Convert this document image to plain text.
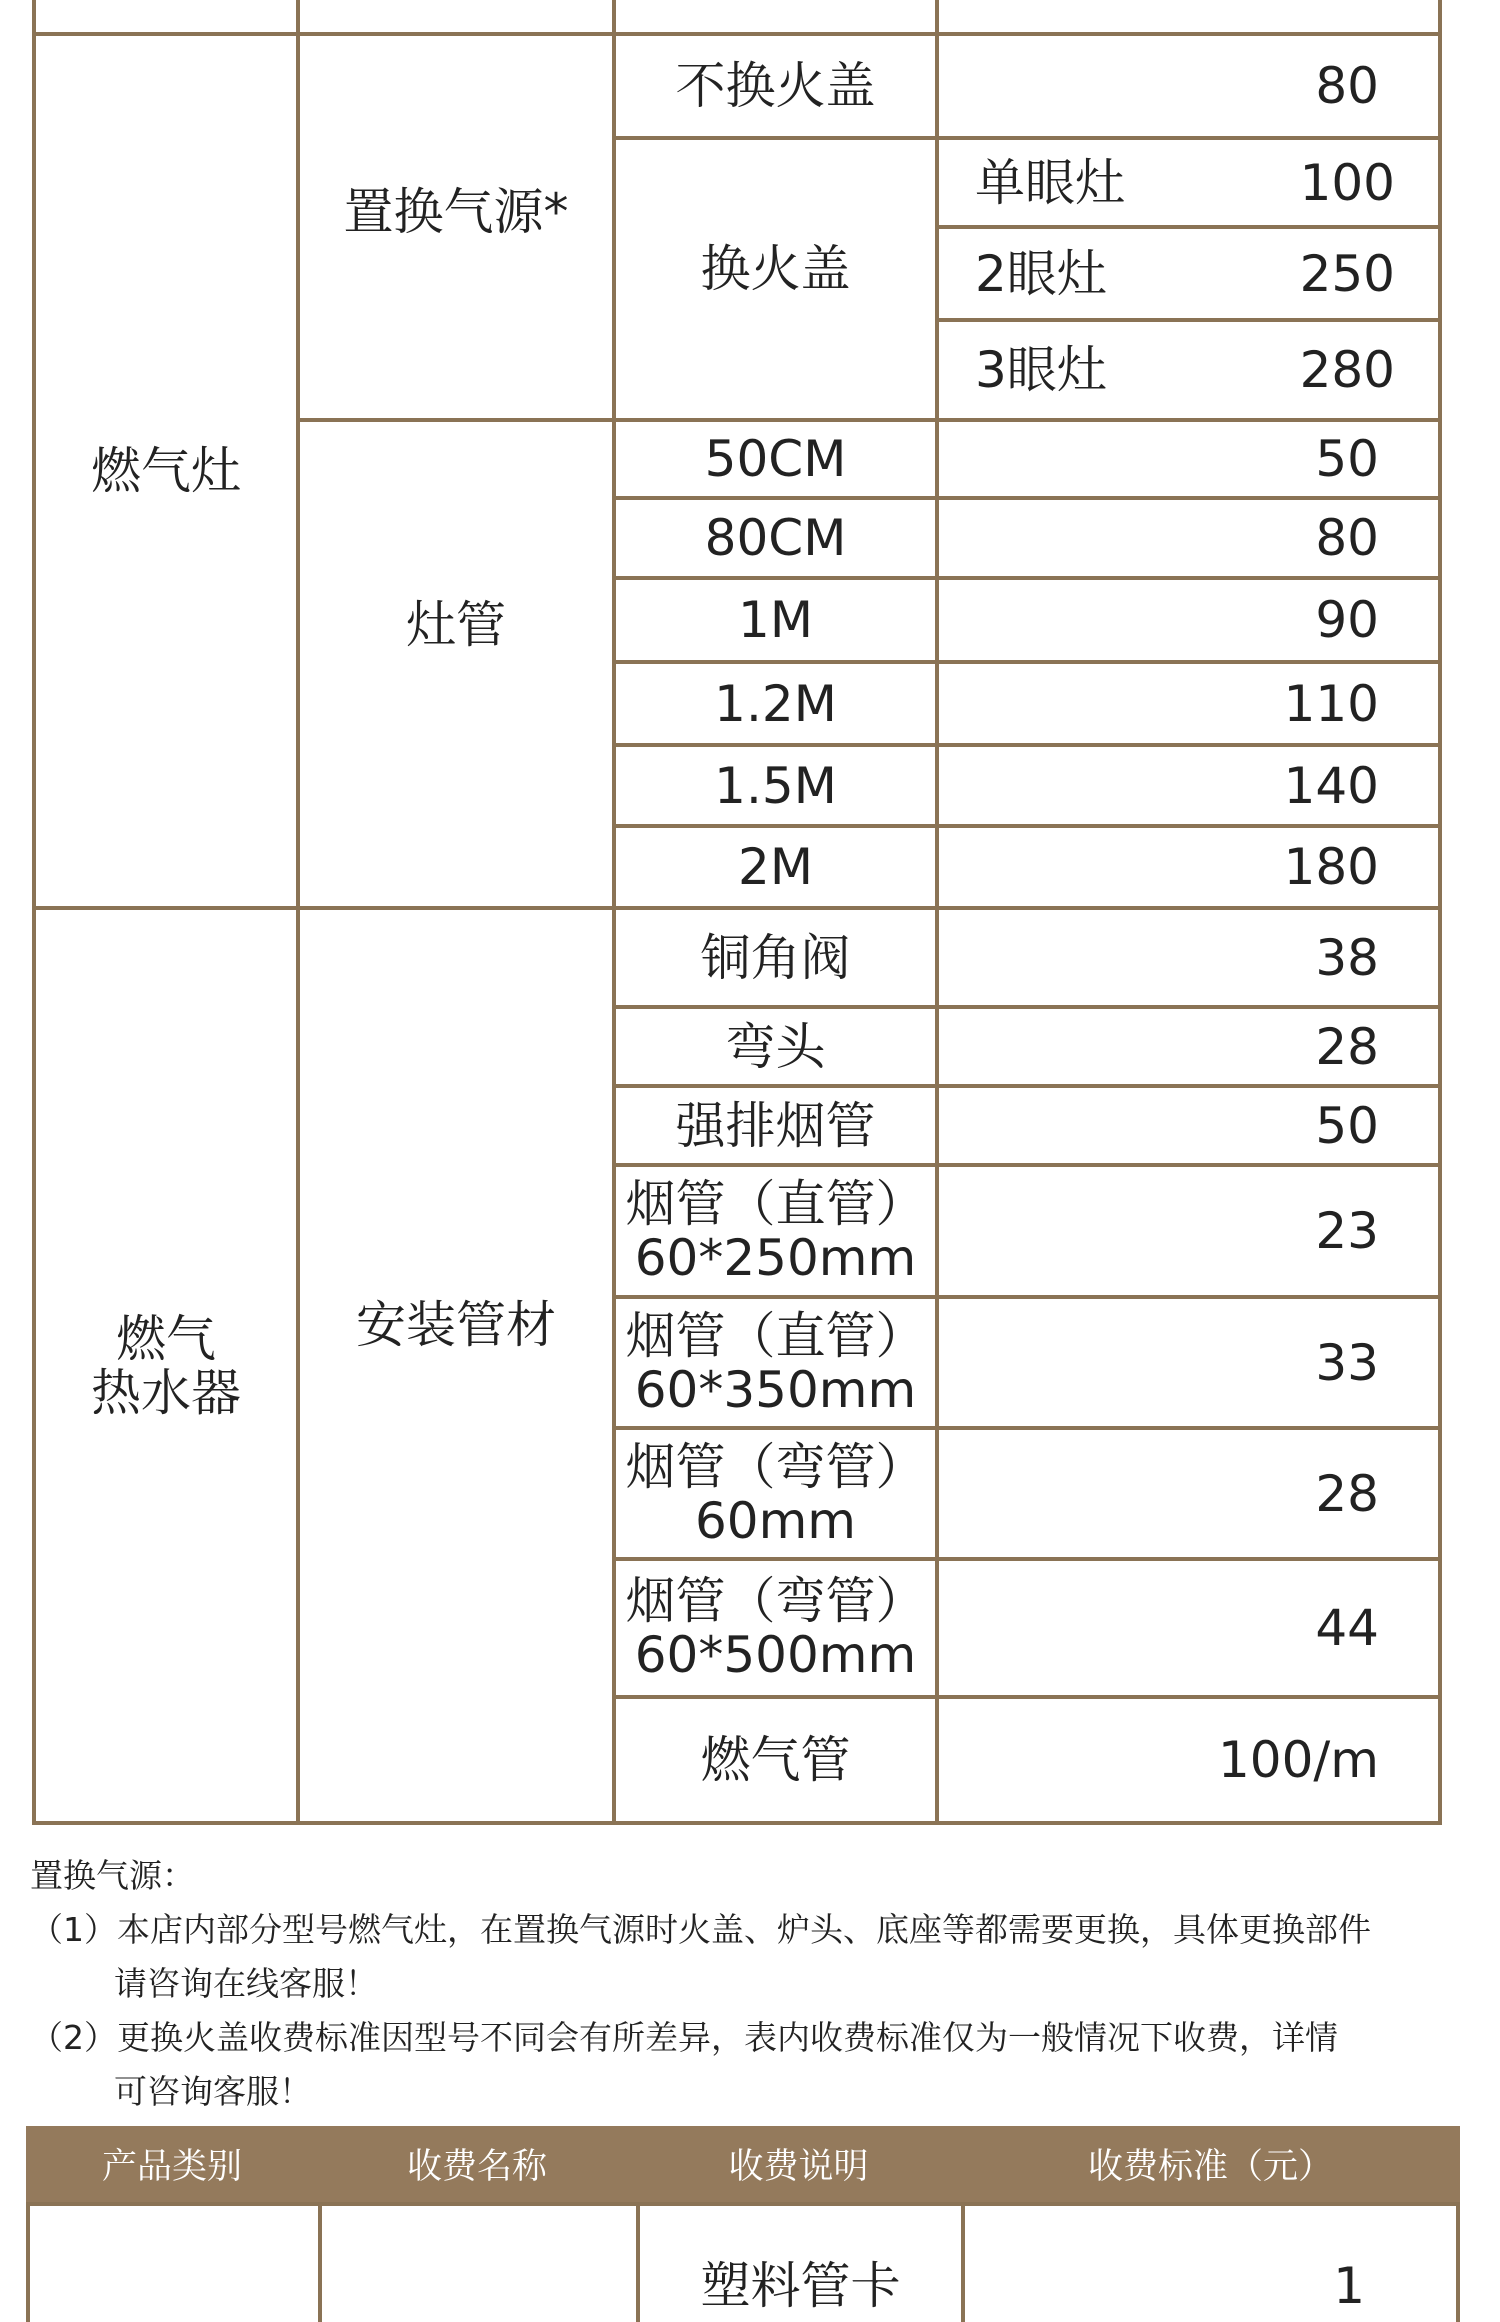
燃气灶
置换气源*
不换火盖	80
换火盖
单眼灶	100
2眼灶	250
3眼灶	280
灶管
50CM	50
80CM	80
1M	90
1.2M	110
1.5M	140
2M	180
燃气
热水器
安装管材
铜角阀	38
弯头	28
强排烟管	50
烟管（直管）
60*250mm	23
烟管（直管）
60*350mm	33
烟管（弯管）
60mm	28
烟管（弯管）
60*500mm	44
燃气管	100/m
置换气源：
（1）本店内部分型号燃气灶，在置换气源时火盖、炉头、底座等都需要更换，具体更换部件
请咨询在线客服！
（2）更换火盖收费标准因型号不同会有所差异，表内收费标准仅为一般情况下收费，详情
可咨询客服！
产品类别	收费名称	收费说明	收费标准（元）
塑料管卡	1
